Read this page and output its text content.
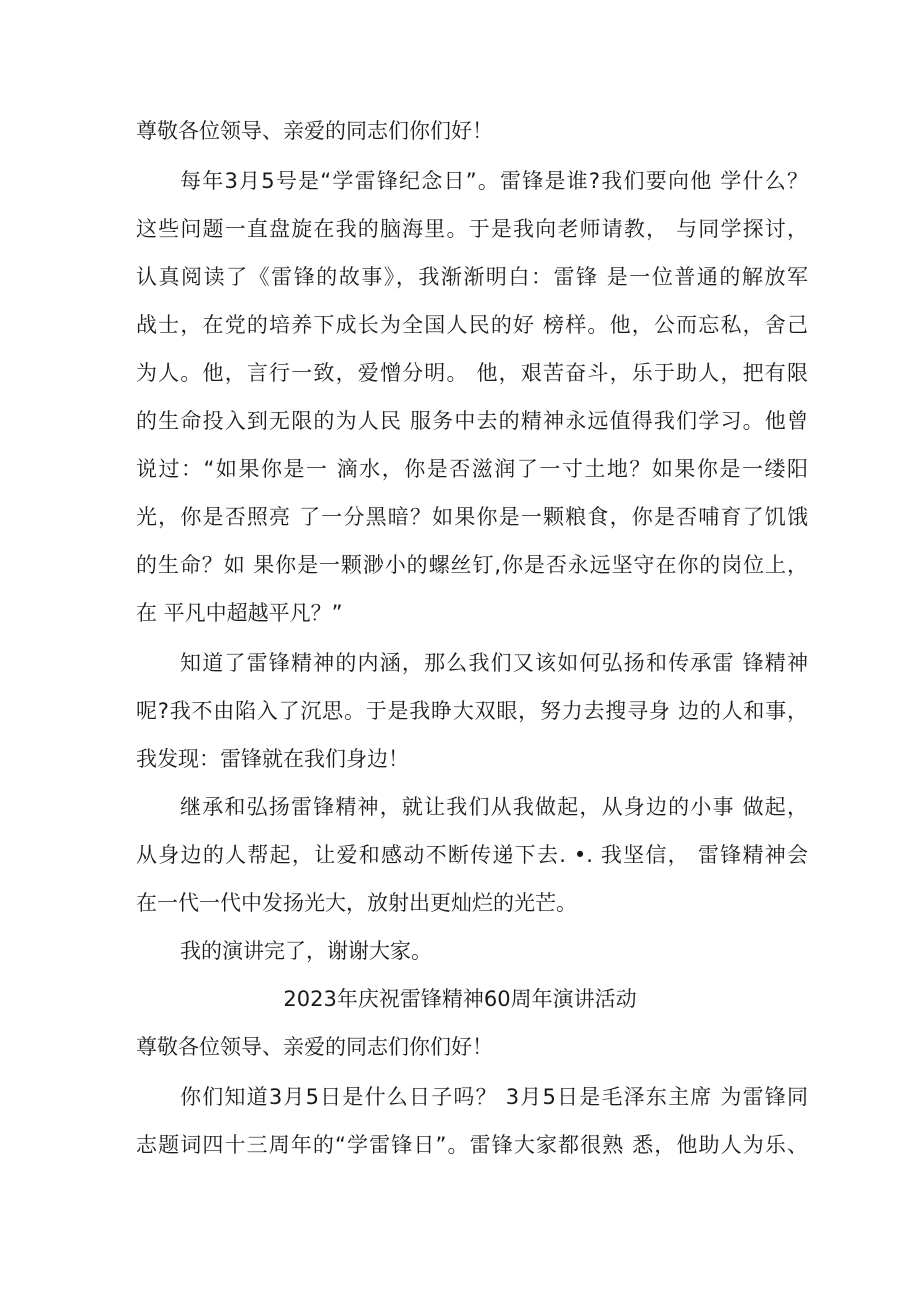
尊敬各位领导、亲爱的同志们你们好！
每年3月5号是“学雷锋纪念日”。雷锋是谁?我们要向他 学什么？
这些问题一直盘旋在我的脑海里。于是我向老师请教， 与同学探讨，
认真阅读了《雷锋的故事》，我渐渐明白：雷锋 是一位普通的解放军
战士，在党的培养下成长为全国人民的好 榜样。他，公而忘私，舍己
为人。他，言行一致，爱憎分明。 他，艰苦奋斗，乐于助人，把有限
的生命投入到无限的为人民 服务中去的精神永远值得我们学习。他曾
说过：“如果你是一 滴水，你是否滋润了一寸土地？如果你是一缕阳
光，你是否照亮 了一分黑暗？如果你是一颗粮食，你是否哺育了饥饿
的生命？如 果你是一颗渺小的螺丝钉,你是否永远坚守在你的岗位上，
在 平凡中超越平凡？”
知道了雷锋精神的内涵，那么我们又该如何弘扬和传承雷 锋精神
呢?我不由陷入了沉思。于是我睁大双眼，努力去搜寻身 边的人和事，
我发现：雷锋就在我们身边！
继承和弘扬雷锋精神，就让我们从我做起，从身边的小事 做起，
从身边的人帮起，让爱和感动不断传递下去. •. 我坚信， 雷锋精神会
在一代一代中发扬光大，放射出更灿烂的光芒。
我的演讲完了，谢谢大家。
2023年庆祝雷锋精神60周年演讲活动
尊敬各位领导、亲爱的同志们你们好！
你们知道3月5日是什么日子吗？ 3月5日是毛泽东主席 为雷锋同
志题词四十三周年的“学雷锋日”。雷锋大家都很熟 悉，他助人为乐、
